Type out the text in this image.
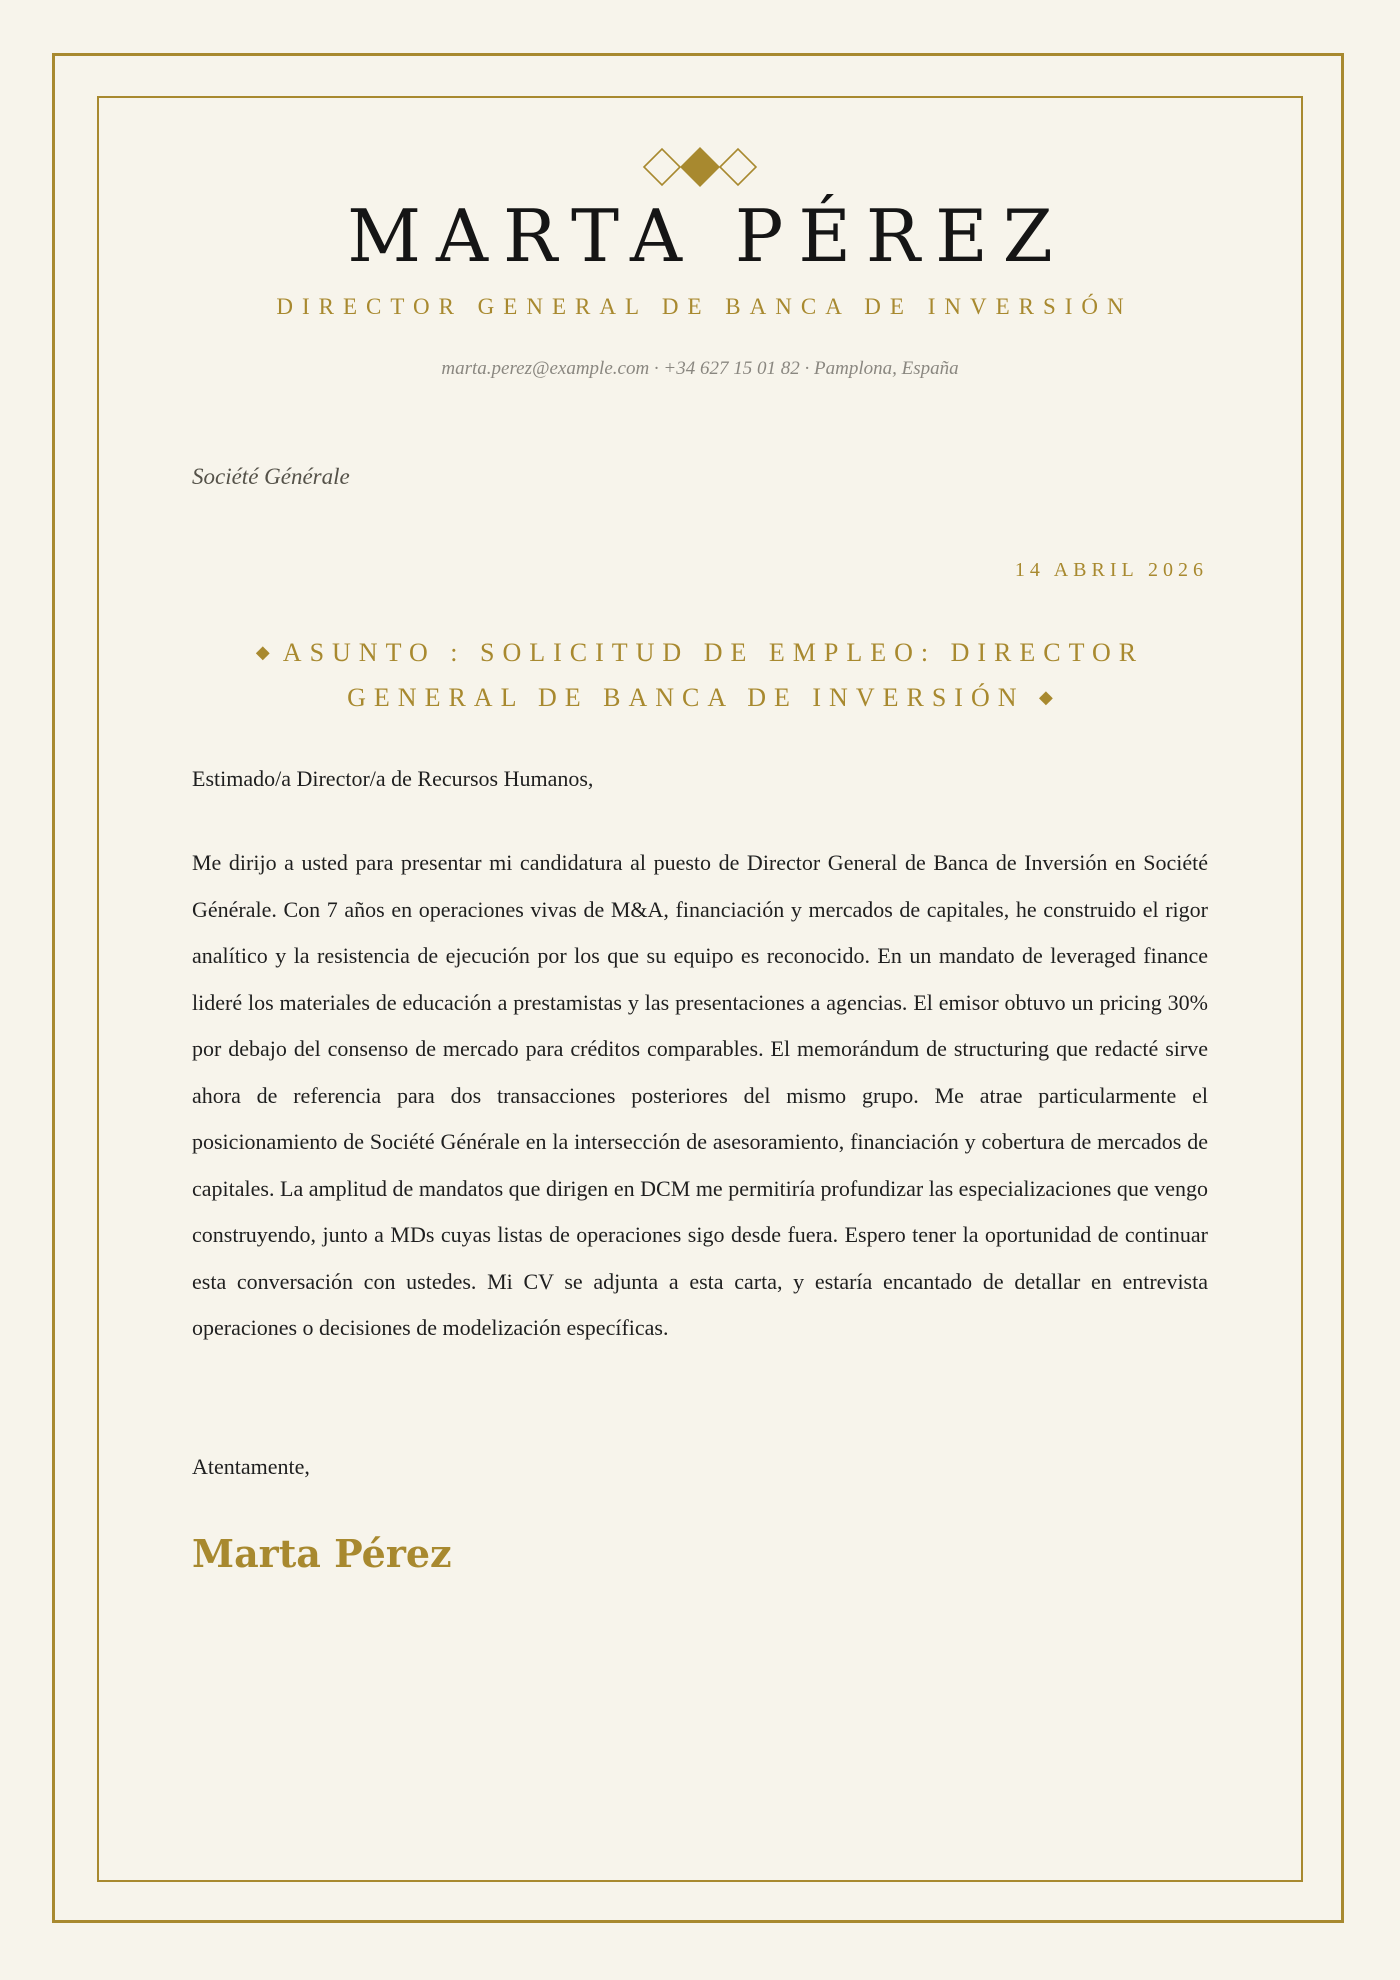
MARTA PÉREZ
DIRECTOR GENERAL DE BANCA DE INVERSIÓN
marta.perez@example.com · +34 627 15 01 82 · Pamplona, España
Société Générale
14 ABRIL 2026
◆ ASUNTO : SOLICITUD DE EMPLEO: DIRECTOR GENERAL DE BANCA DE INVERSIÓN ◆
Estimado/a Director/a de Recursos Humanos,

Me dirijo a usted para presentar mi candidatura al puesto de Director General de Banca de Inversión en Société Générale. Con 7 años en operaciones vivas de M&A, financiación y mercados de capitales, he construido el rigor analítico y la resistencia de ejecución por los que su equipo es reconocido. En un mandato de leveraged finance lideré los materiales de educación a prestamistas y las presentaciones a agencias. El emisor obtuvo un pricing 30% por debajo del consenso de mercado para créditos comparables. El memorándum de structuring que redacté sirve ahora de referencia para dos transacciones posteriores del mismo grupo. Me atrae particularmente el posicionamiento de Société Générale en la intersección de asesoramiento, financiación y cobertura de mercados de capitales. La amplitud de mandatos que dirigen en DCM me permitiría profundizar las especializaciones que vengo construyendo, junto a MDs cuyas listas de operaciones sigo desde fuera. Espero tener la oportunidad de continuar esta conversación con ustedes. Mi CV se adjunta a esta carta, y estaría encantado de detallar en entrevista operaciones o decisiones de modelización específicas.

Atentamente,
Marta Pérez
